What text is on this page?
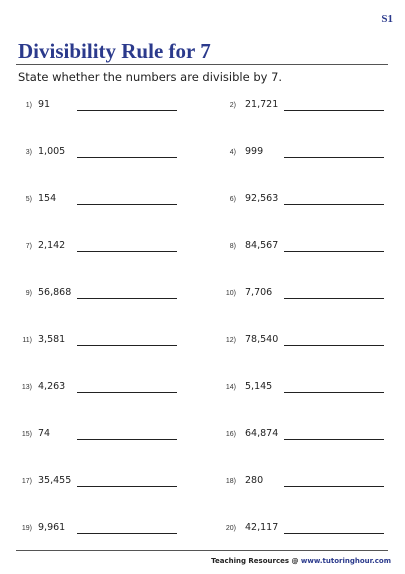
S1
Divisibility Rule for 7
State whether the numbers are divisible by 7.
1) 91	2) 21,721
3) 1,005	4) 999
5) 154	6) 92,563
7) 2,142	8) 84,567
9) 56,868	10) 7,706
11) 3,581	12) 78,540
13) 4,263	14) 5,145
15) 74	16) 64,874
17) 35,455	18) 280
19) 9,961	20) 42,117
Teaching Resources @ www.tutoringhour.com
